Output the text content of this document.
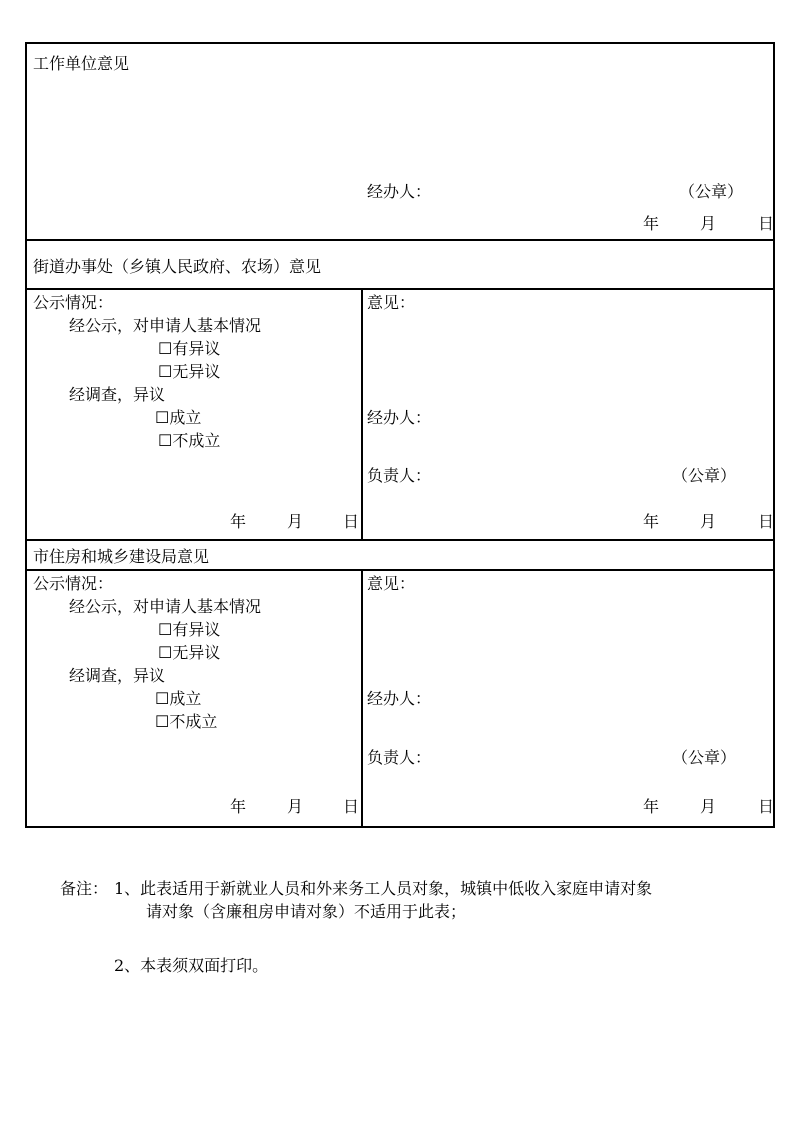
工作单位意见
经办人：	（公章）
年	月	日
街道办事处（乡镇人民政府、农场）意见
公示情况：
经公示，对申请人基本情况
☐有异议
☐无异议
经调查，异议
☐成立
☐不成立
年	月 日
意见：
经办人：
负责人：	（公章）
年	月	日
市住房和城乡建设局意见
公示情况：
经公示，对申请人基本情况
☐有异议
☐无异议
经调查，异议
☐成立
☐不成立
年	月 日
意见：
经办人：
负责人：	（公章）
年	月	日
备注： 1、此表适用于新就业人员和外来务工人员对象，城镇中低收入家庭申请对象
请对象（含廉租房申请对象）不适用于此表；
2、本表须双面打印。
